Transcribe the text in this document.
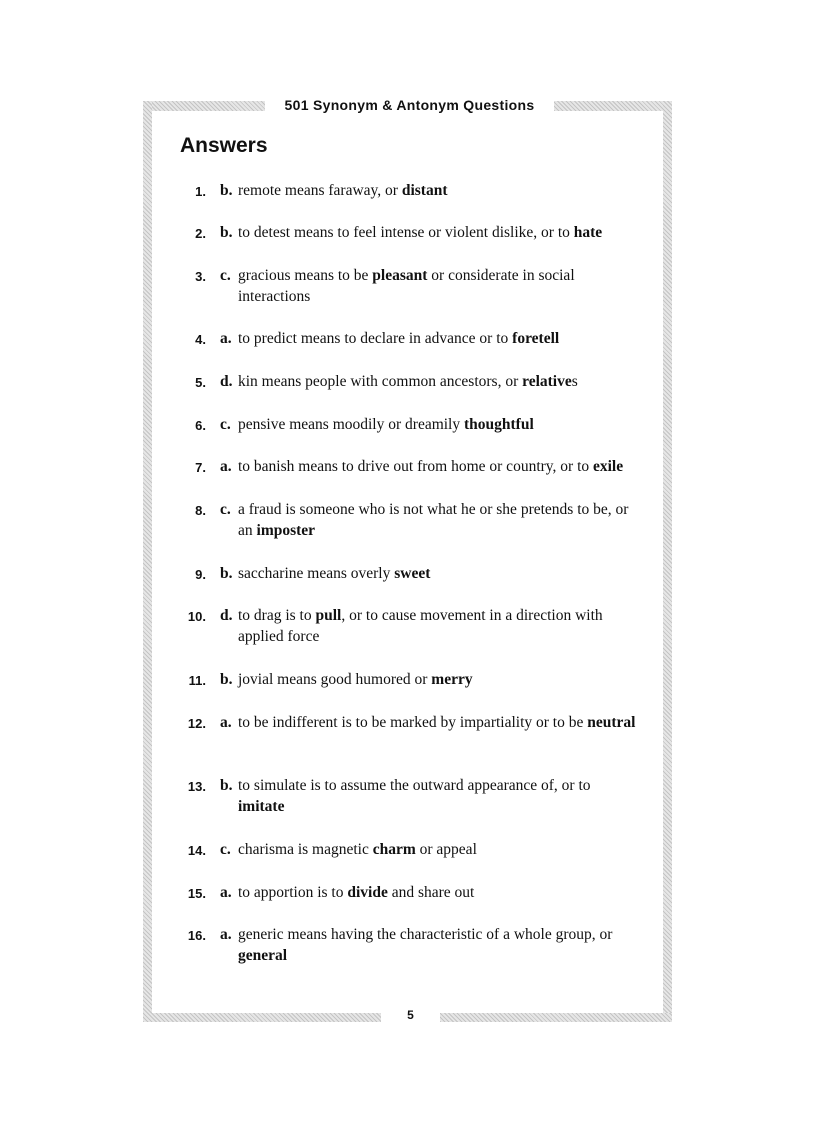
501 Synonym & Antonym Questions
Answers
1. b. remote means faraway, or distant
2. b. to detest means to feel intense or violent dislike, or to hate
3. c. gracious means to be pleasant or considerate in social interactions
4. a. to predict means to declare in advance or to foretell
5. d. kin means people with common ancestors, or relatives
6. c. pensive means moodily or dreamily thoughtful
7. a. to banish means to drive out from home or country, or to exile
8. c. a fraud is someone who is not what he or she pretends to be, or an imposter
9. b. saccharine means overly sweet
10. d. to drag is to pull, or to cause movement in a direction with applied force
11. b. jovial means good humored or merry
12. a. to be indifferent is to be marked by impartiality or to be neutral
13. b. to simulate is to assume the outward appearance of, or to imitate
14. c. charisma is magnetic charm or appeal
15. a. to apportion is to divide and share out
16. a. generic means having the characteristic of a whole group, or general
5
